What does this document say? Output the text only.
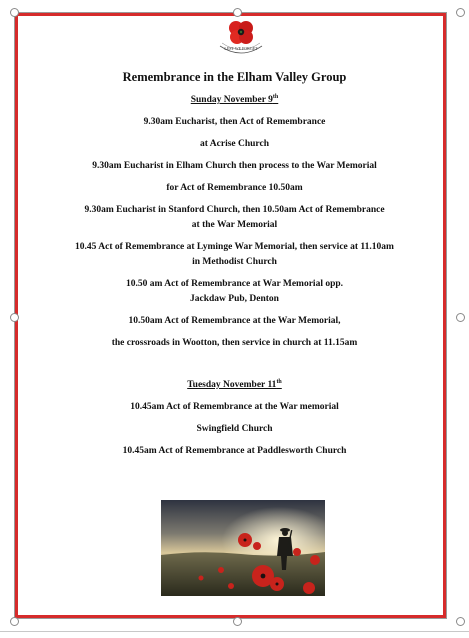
LEST WE FORGET
Remembrance in the Elham Valley Group
Sunday November 9th
9.30am Eucharist, then Act of Remembrance
at Acrise Church
9.30am Eucharist in Elham Church then process to the War Memorial
for Act of Remembrance 10.50am
9.30am Eucharist in Stanford Church, then 10.50am Act of Remembrance
at the War Memorial
10.45 Act of Remembrance at Lyminge War Memorial, then service at 11.10am
in Methodist Church
10.50 am Act of Remembrance at War Memorial opp.
Jackdaw Pub, Denton
10.50am Act of Remembrance at the War Memorial,
the crossroads in Wootton, then service in church at 11.15am
Tuesday November 11th
10.45am Act of Remembrance at the War memorial
Swingfield Church
10.45am Act of Remembrance at Paddlesworth Church
